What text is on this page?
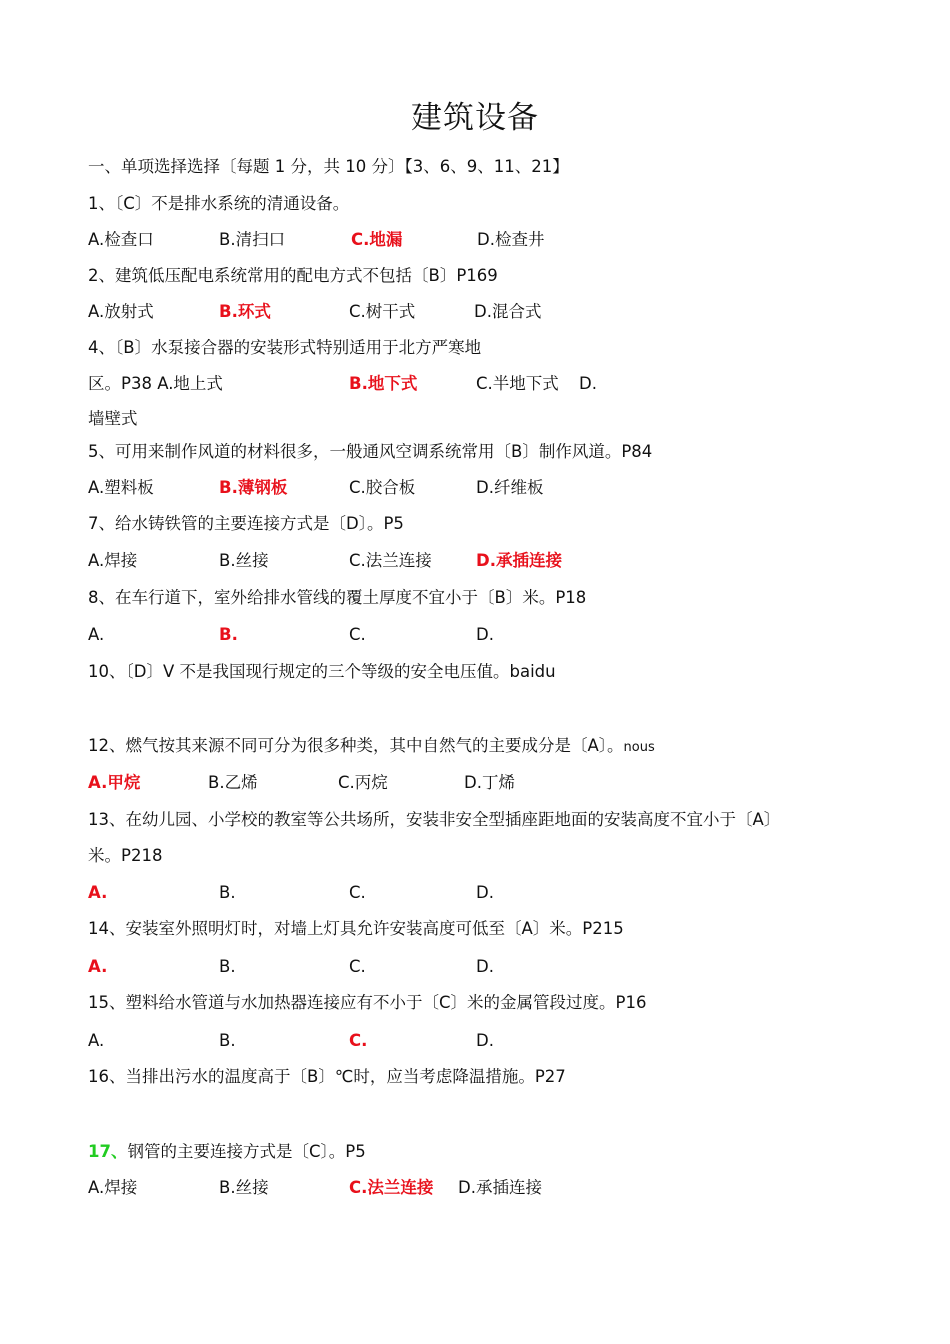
建筑设备
一、单项选择选择〔每题 1 分，共 10 分〕【3、6、9、11、21】
1、〔C〕不是排水系统的清通设备。
A.检查口	B.清扫口	C.地漏	D.检查井
2、建筑低压配电系统常用的配电方式不包括〔B〕P169
A.放射式	B.环式	C.树干式	D.混合式
4、〔B〕水泵接合器的安装形式特别适用于北方严寒地
区。P38 A.地上式	B.地下式	C.半地下式 D.
墙壁式
5、可用来制作风道的材料很多，一般通风空调系统常用〔B〕制作风道。P84
A.塑料板	B.薄钢板	C.胶合板	D.纤维板
7、给水铸铁管的主要连接方式是〔D〕。P5
A.焊接	B.丝接	C.法兰连接	D.承插连接
8、在车行道下，室外给排水管线的覆土厚度不宜小于〔B〕米。P18
A.	B.	C.	D.
10、〔D〕V 不是我国现行规定的三个等级的安全电压值。baidu
12、燃气按其来源不同可分为很多种类，其中自然气的主要成分是〔A〕。nous
A.甲烷	B.乙烯	C.丙烷	D.丁烯
13、在幼儿园、小学校的教室等公共场所，安装非安全型插座距地面的安装高度不宜小于〔A〕
米。P218
A.	B.	C.	D.
14、安装室外照明灯时，对墙上灯具允许安装高度可低至〔A〕米。P215
A.	B.	C.	D.
15、塑料给水管道与水加热器连接应有不小于〔C〕米的金属管段过度。P16
A.	B.	C.	D.
16、当排出污水的温度高于〔B〕℃时，应当考虑降温措施。P27
17、钢管的主要连接方式是〔C〕。P5
A.焊接	B.丝接	C.法兰连接 D.承插连接
